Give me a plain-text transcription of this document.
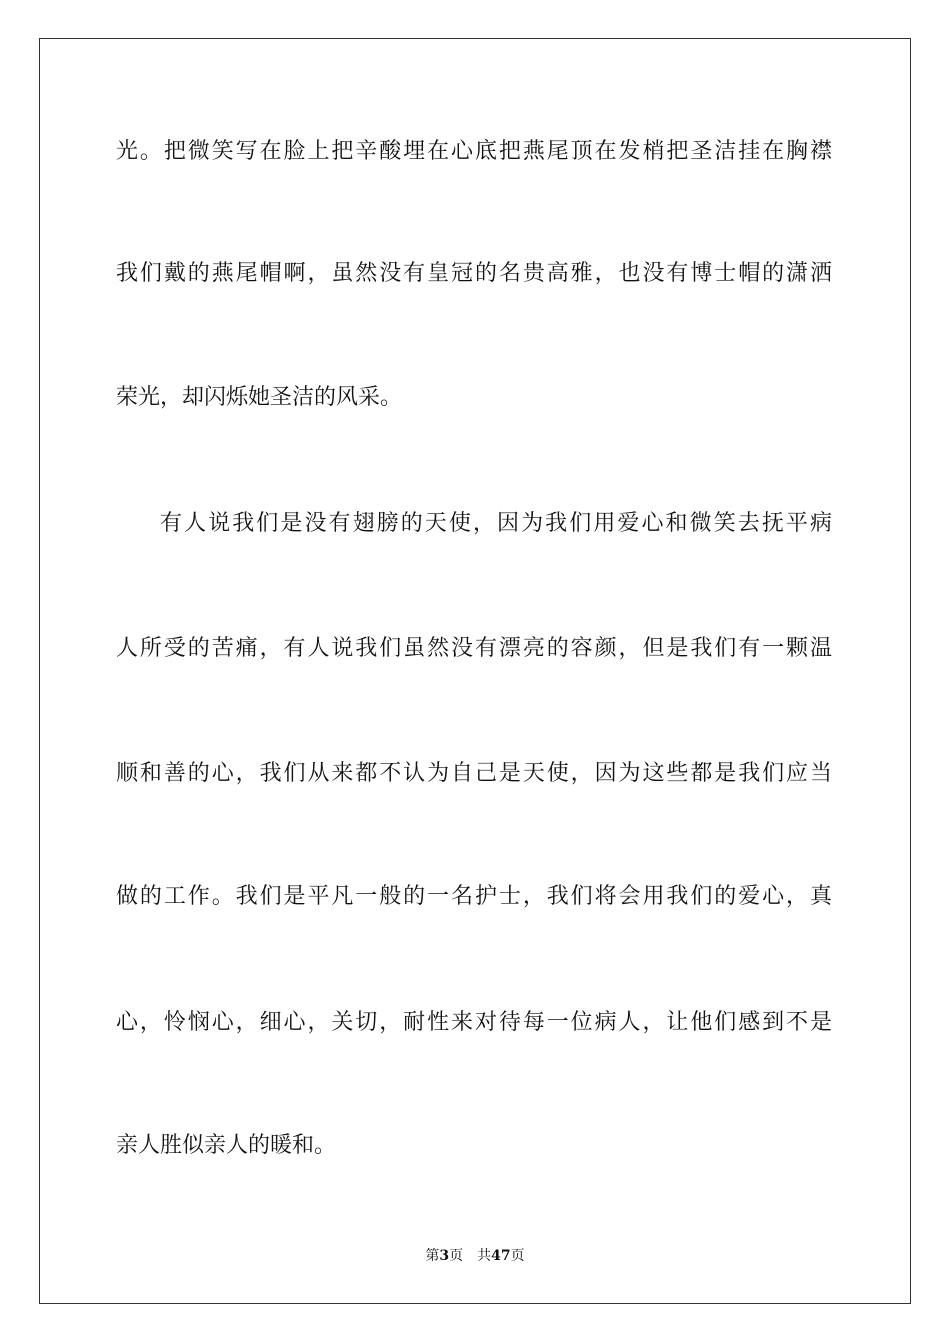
光。把微笑写在脸上把辛酸埋在心底把燕尾顶在发梢把圣洁挂在胸襟
我们戴的燕尾帽啊，虽然没有皇冠的名贵高雅，也没有博士帽的潇洒
荣光，却闪烁她圣洁的风采。
有人说我们是没有翅膀的天使，因为我们用爱心和微笑去抚平病
人所受的苦痛，有人说我们虽然没有漂亮的容颜，但是我们有一颗温
顺和善的心，我们从来都不认为自己是天使，因为这些都是我们应当
做的工作。我们是平凡一般的一名护士，我们将会用我们的爱心，真
心，怜悯心，细心，关切，耐性来对待每一位病人，让他们感到不是
亲人胜似亲人的暖和。
第3页 共47页
